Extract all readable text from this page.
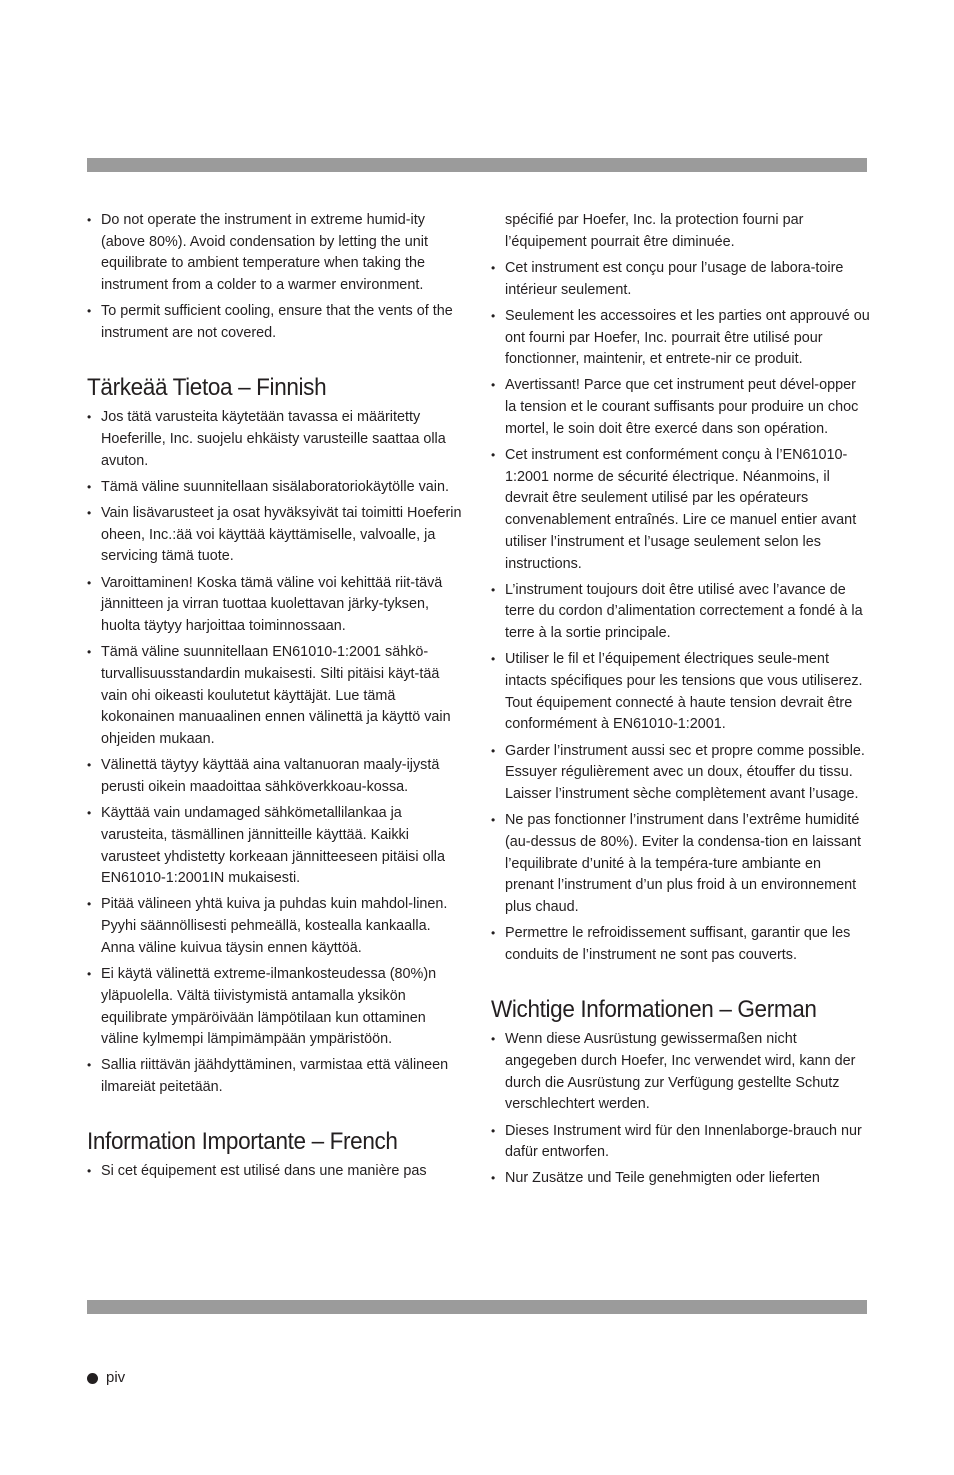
• Do not operate the instrument in extreme humid-ity (above 80%). Avoid condensation by letting the unit equilibrate to ambient temperature when taking the instrument from a colder to a warmer environment.
• To permit sufficient cooling, ensure that the vents of the instrument are not covered.
Tärkeää Tietoa – Finnish
• Jos tätä varusteita käytetään tavassa ei määritetty Hoeferille, Inc. suojelu ehkäisty varusteille saattaa olla avuton.
• Tämä väline suunnitellaan sisälaboratoriokäytölle vain.
• Vain lisävarusteet ja osat hyväksyivät tai toimitti Hoeferin oheen, Inc.:ää voi käyttää käyttämiselle, valvoalle, ja servicing tämä tuote.
• Varoittaminen! Koska tämä väline voi kehittää riit-tävä jännitteen ja virran tuottaa kuolettavan järky-tyksen, huolta täytyy harjoittaa toiminnossaan.
• Tämä väline suunnitellaan EN61010-1:2001 sähkö-turvallisuusstandardin mukaisesti. Silti pitäisi käyt-tää vain ohi oikeasti koulutetut käyttäjät. Lue tämä kokonainen manuaalinen ennen välinettä ja käyttö vain ohjeiden mukaan.
• Välinettä täytyy käyttää aina valtanuoran maaly-ijystä perusti oikein maadoittaa sähköverkkoau-kossa.
• Käyttää vain undamaged sähkömetallilankaa ja varusteita, täsmällinen jännitteille käyttää. Kaikki varusteet yhdistetty korkeaan jännitteeseen pitäisi olla EN61010-1:2001IN mukaisesti.
• Pitää välineen yhtä kuiva ja puhdas kuin mahdol-linen. Pyyhi säännöllisesti pehmeällä, kostealla kankaalla. Anna väline kuivua täysin ennen käyttöä.
• Ei käytä välinettä extreme-ilmankosteudessa (80%)n yläpuolella. Vältä tiivistymistä antamalla yksikön equilibrate ympäröivään lämpötilaan kun ottaminen väline kylmempi lämpimämpään ympäristöön.
• Sallia riittävän jäähdyttäminen, varmistaa että välineen ilmareiät peitetään.
Information Importante – French
• Si cet équipement est utilisé dans une manière pas
spécifié par Hoefer, Inc. la protection fourni par l’équipement pourrait être diminuée.
• Cet instrument est conçu pour l’usage de labora-toire intérieur seulement.
• Seulement les accessoires et les parties ont approuvé ou ont fourni par Hoefer, Inc. pourrait être utilisé pour fonctionner, maintenir, et entrete-nir ce produit.
• Avertissant! Parce que cet instrument peut dével-opper la tension et le courant suffisants pour produire un choc mortel, le soin doit être exercé dans son opération.
• Cet instrument est conformément conçu à l’EN61010-1:2001 norme de sécurité électrique. Néanmoins, il devrait être seulement utilisé par les opérateurs convenablement entraînés. Lire ce manuel entier avant utiliser l’instrument et l’usage seulement selon les instructions.
• L’instrument toujours doit être utilisé avec l’avance de terre du cordon d’alimentation correctement a fondé à la terre à la sortie principale.
• Utiliser le fil et l’équipement électriques seule-ment intacts spécifiques pour les tensions que vous utiliserez. Tout équipement connecté à haute tension devrait être conformément à EN61010-1:2001.
• Garder l’instrument aussi sec et propre comme possible. Essuyer régulièrement avec un doux, étouffer du tissu. Laisser l’instrument sèche complètement avant l’usage.
• Ne pas fonctionner l’instrument dans l’extrême humidité (au-dessus de 80%). Eviter la condensa-tion en laissant l’equilibrate d’unité à la tempéra-ture ambiante en prenant l’instrument d’un plus froid à un environnement plus chaud.
• Permettre le refroidissement suffisant, garantir que les conduits de l’instrument ne sont pas couverts.
Wichtige Informationen – German
• Wenn diese Ausrüstung gewissermaßen nicht angegeben durch Hoefer, Inc verwendet wird, kann der durch die Ausrüstung zur Verfügung gestellte Schutz verschlechtert werden.
• Dieses Instrument wird für den Innenlaborge-brauch nur dafür entworfen.
• Nur Zusätze und Teile genehmigten oder lieferten
piv
